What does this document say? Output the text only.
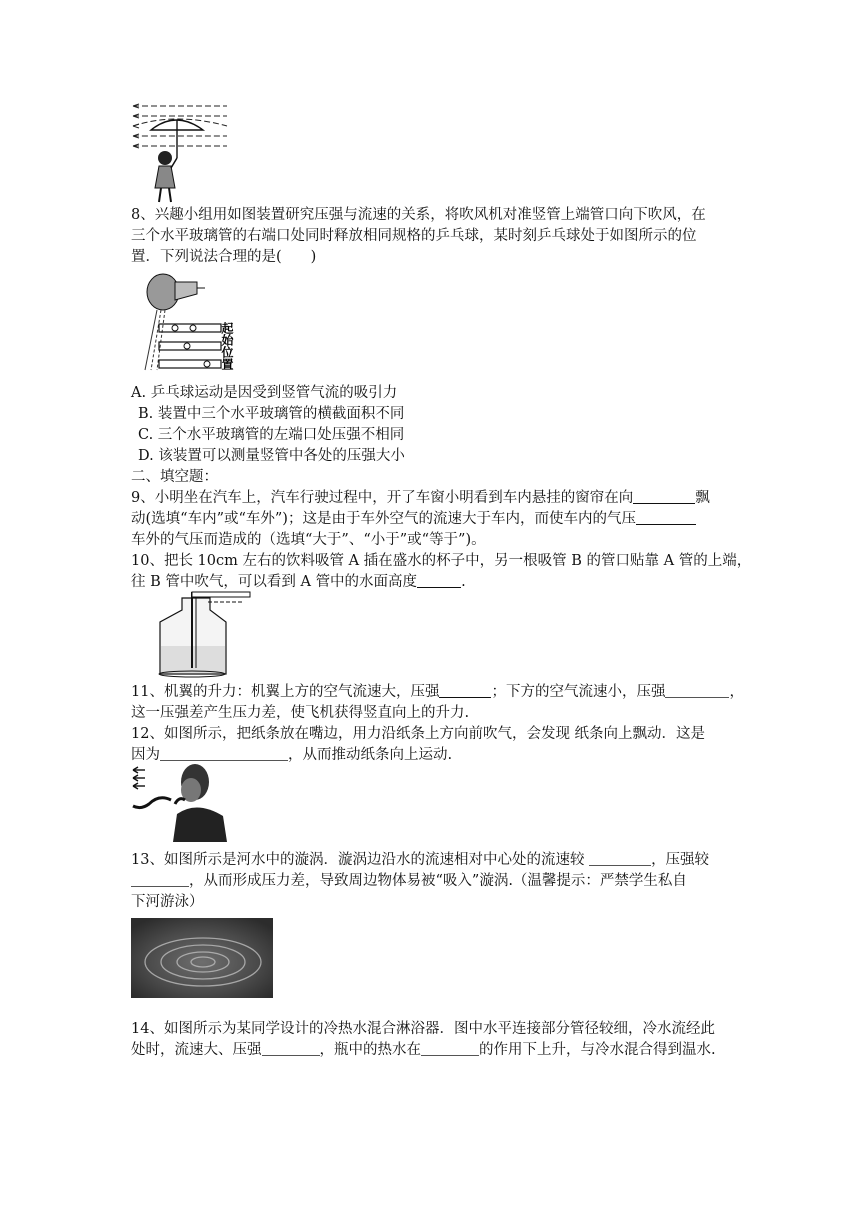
8、兴趣小组用如图装置研究压强与流速的关系，将吹风机对准竖管上端管口向下吹风，在
三个水平玻璃管的右端口处同时释放相同规格的乒乓球，某时刻乒乓球处于如图所示的位
置．下列说法合理的是(　　)
起始位置
A. 乒乓球运动是因受到竖管气流的吸引力
B. 装置中三个水平玻璃管的横截面积不同
C. 三个水平玻璃管的左端口处压强不相同
D. 该装置可以测量竖管中各处的压强大小
二、填空题：
9、小明坐在汽车上，汽车行驶过程中，开了车窗小明看到车内悬挂的窗帘在向	飘
动(选填“车内”或“车外”)；这是由于车外空气的流速大于车内，而使车内的气压
车外的气压而造成的（选填“大于”、“小于”或“等于”)。
10、把长 10cm 左右的饮料吸管 A 插在盛水的杯子中，另一根吸管 B 的管口贴靠 A 管的上端，
往 B 管中吹气，可以看到 A 管中的水面高度	.
11、机翼的升力：机翼上方的空气流速大，压强	；下方的空气流速小，压强	，
这一压强差产生压力差，使飞机获得竖直向上的升力.
12、如图所示，把纸条放在嘴边，用力沿纸条上方向前吹气，会发现 纸条向上飘动．这是
因为	，从而推动纸条向上运动.
13、如图所示是河水中的漩涡．漩涡边沿水的流速相对中心处的流速较	，压强较
，从而形成压力差，导致周边物体易被“吸入”漩涡.（温馨提示：严禁学生私自
下河游泳）
14、如图所示为某同学设计的冷热水混合淋浴器．图中水平连接部分管径较细，冷水流经此
处时，流速大、压强	，瓶中的热水在	的作用下上升，与冷水混合得到温水.
